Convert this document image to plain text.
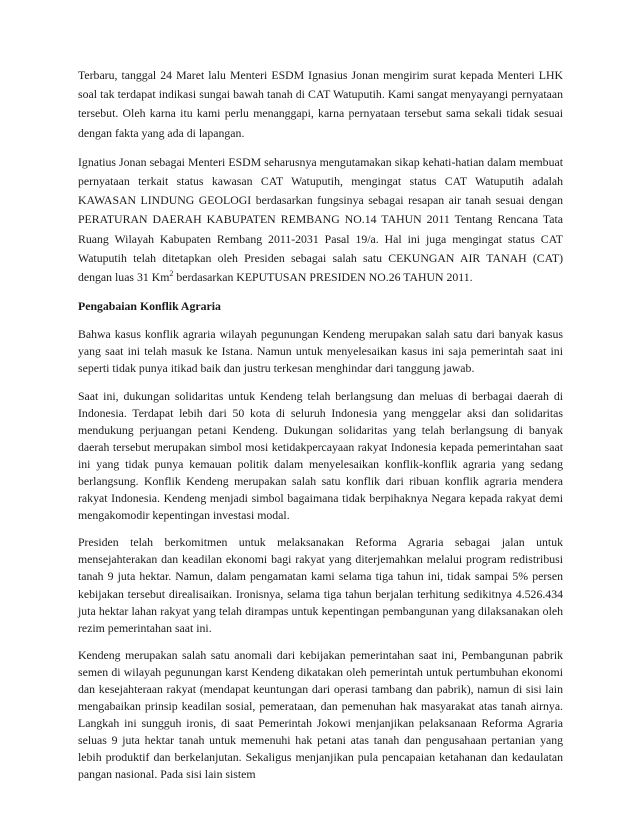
Terbaru, tanggal 24 Maret lalu Menteri ESDM Ignasius Jonan mengirim surat kepada Menteri LHK soal tak terdapat indikasi sungai bawah tanah di CAT Watuputih. Kami sangat menyayangi pernyataan tersebut. Oleh karna itu kami perlu menanggapi, karna pernyataan tersebut sama sekali tidak sesuai dengan fakta yang ada di lapangan.

Ignatius Jonan sebagai Menteri ESDM seharusnya mengutamakan sikap kehati-hatian dalam membuat pernyataan terkait status kawasan CAT Watuputih, mengingat status CAT Watuputih adalah KAWASAN LINDUNG GEOLOGI berdasarkan fungsinya sebagai resapan air tanah sesuai dengan PERATURAN DAERAH KABUPATEN REMBANG NO.14 TAHUN 2011 Tentang Rencana Tata Ruang Wilayah Kabupaten Rembang 2011-2031 Pasal 19/a. Hal ini juga mengingat status CAT Watuputih telah ditetapkan oleh Presiden sebagai salah satu CEKUNGAN AIR TANAH (CAT) dengan luas 31 Km$^2$ berdasarkan KEPUTUSAN PRESIDEN NO.26 TAHUN 2011.

Pengabaian Konflik Agraria

Bahwa kasus konflik agraria wilayah pegunungan Kendeng merupakan salah satu dari banyak kasus yang saat ini telah masuk ke Istana. Namun untuk menyelesaikan kasus ini saja pemerintah saat ini seperti tidak punya itikad baik dan justru terkesan menghindar dari tanggung jawab.

Saat ini, dukungan solidaritas untuk Kendeng telah berlangsung dan meluas di berbagai daerah di Indonesia. Terdapat lebih dari 50 kota di seluruh Indonesia yang menggelar aksi dan solidaritas mendukung perjuangan petani Kendeng. Dukungan solidaritas yang telah berlangsung di banyak daerah tersebut merupakan simbol mosi ketidakpercayaan rakyat Indonesia kepada pemerintahan saat ini yang tidak punya kemauan politik dalam menyelesaikan konflik-konflik agraria yang sedang berlangsung. Konflik Kendeng merupakan salah satu konflik dari ribuan konflik agraria mendera rakyat Indonesia. Kendeng menjadi simbol bagaimana tidak berpihaknya Negara kepada rakyat demi mengakomodir kepentingan investasi modal.

Presiden telah berkomitmen untuk melaksanakan Reforma Agraria sebagai jalan untuk mensejahterakan dan keadilan ekonomi bagi rakyat yang diterjemahkan melalui program redistribusi tanah 9 juta hektar. Namun, dalam pengamatan kami selama tiga tahun ini, tidak sampai 5% persen kebijakan tersebut direalisaikan. Ironisnya, selama tiga tahun berjalan terhitung sedikitnya 4.526.434 juta hektar lahan rakyat yang telah dirampas untuk kepentingan pembangunan yang dilaksanakan oleh rezim pemerintahan saat ini.

Kendeng merupakan salah satu anomali dari kebijakan pemerintahan saat ini, Pembangunan pabrik semen di wilayah pegunungan karst Kendeng dikatakan oleh pemerintah untuk pertumbuhan ekonomi dan kesejahteraan rakyat (mendapat keuntungan dari operasi tambang dan pabrik), namun di sisi lain mengabaikan prinsip keadilan sosial, pemerataan, dan pemenuhan hak masyarakat atas tanah airnya. Langkah ini sungguh ironis, di saat Pemerintah Jokowi menjanjikan pelaksanaan Reforma Agraria seluas 9 juta hektar tanah untuk memenuhi hak petani atas tanah dan pengusahaan pertanian yang lebih produktif dan berkelanjutan. Sekaligus menjanjikan pula pencapaian ketahanan dan kedaulatan pangan nasional. Pada sisi lain sistem
